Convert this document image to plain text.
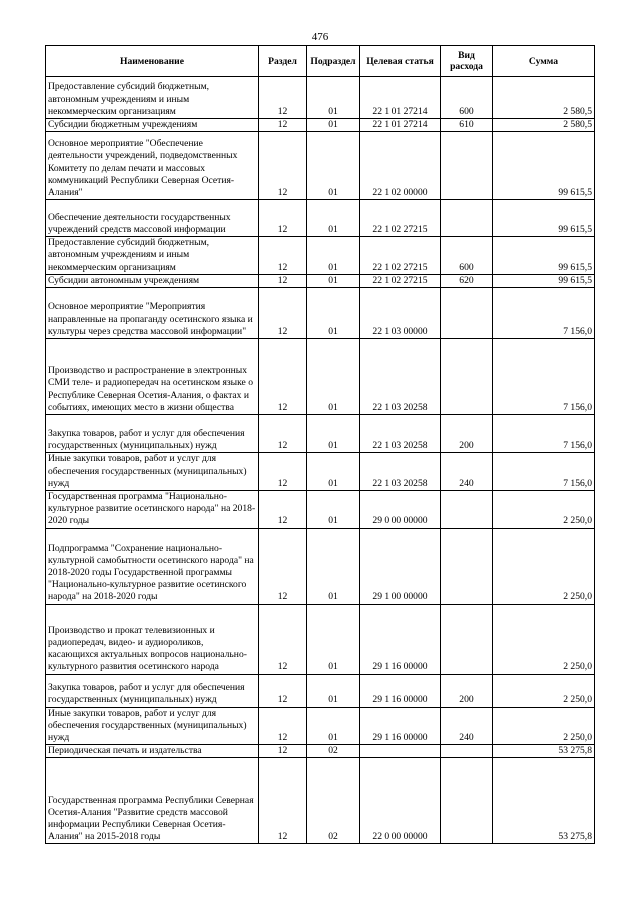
476
Наименование	Раздел	Подраздел	Целевая статья	Вид расхода	Сумма
Предоставление субсидий бюджетным, автономным учреждениям и иным некоммерческим организациям	12	01	22 1 01 27214	600	2 580,5
Субсидии бюджетным учреждениям	12	01	22 1 01 27214	610	2 580,5
Основное мероприятие "Обеспечение деятельности учреждений, подведомственных Комитету по делам печати и массовых коммуникаций Республики Северная Осетия-Алания"	12	01	22 1 02 00000		99 615,5
Обеспечение деятельности государственных учреждений средств массовой информации	12	01	22 1 02 27215		99 615,5
Предоставление субсидий бюджетным, автономным учреждениям и иным некоммерческим организациям	12	01	22 1 02 27215	600	99 615,5
Субсидии автономным учреждениям	12	01	22 1 02 27215	620	99 615,5
Основное мероприятие "Мероприятия направленные на пропаганду осетинского языка и культуры через средства массовой информации"	12	01	22 1 03 00000		7 156,0
Производство и распространение в электронных СМИ теле- и радиопередач на осетинском языке о Республике Северная Осетия-Алания, о фактах и событиях, имеющих место в жизни общества	12	01	22 1 03 20258		7 156,0
Закупка товаров, работ и услуг для обеспечения государственных (муниципальных) нужд	12	01	22 1 03 20258	200	7 156,0
Иные закупки товаров, работ и услуг для обеспечения государственных (муниципальных) нужд	12	01	22 1 03 20258	240	7 156,0
Государственная программа "Национально-культурное развитие осетинского народа" на 2018-2020 годы	12	01	29 0 00 00000		2 250,0
Подпрограмма "Сохранение национально-культурной самобытности осетинского народа" на 2018-2020 годы Государственной программы "Национально-культурное развитие осетинского народа" на 2018-2020 годы	12	01	29 1 00 00000		2 250,0
Производство и прокат телевизионных и радиопередач, видео- и аудиороликов, касающихся актуальных вопросов национально-культурного развития осетинского народа	12	01	29 1 16 00000		2 250,0
Закупка товаров, работ и услуг для обеспечения государственных (муниципальных) нужд	12	01	29 1 16 00000	200	2 250,0
Иные закупки товаров, работ и услуг для обеспечения государственных (муниципальных) нужд	12	01	29 1 16 00000	240	2 250,0
Периодическая печать и издательства	12	02			53 275,8
Государственная программа Республики Северная Осетия-Алания "Развитие средств массовой информации Республики Северная Осетия-Алания" на 2015-2018 годы	12	02	22 0 00 00000		53 275,8
